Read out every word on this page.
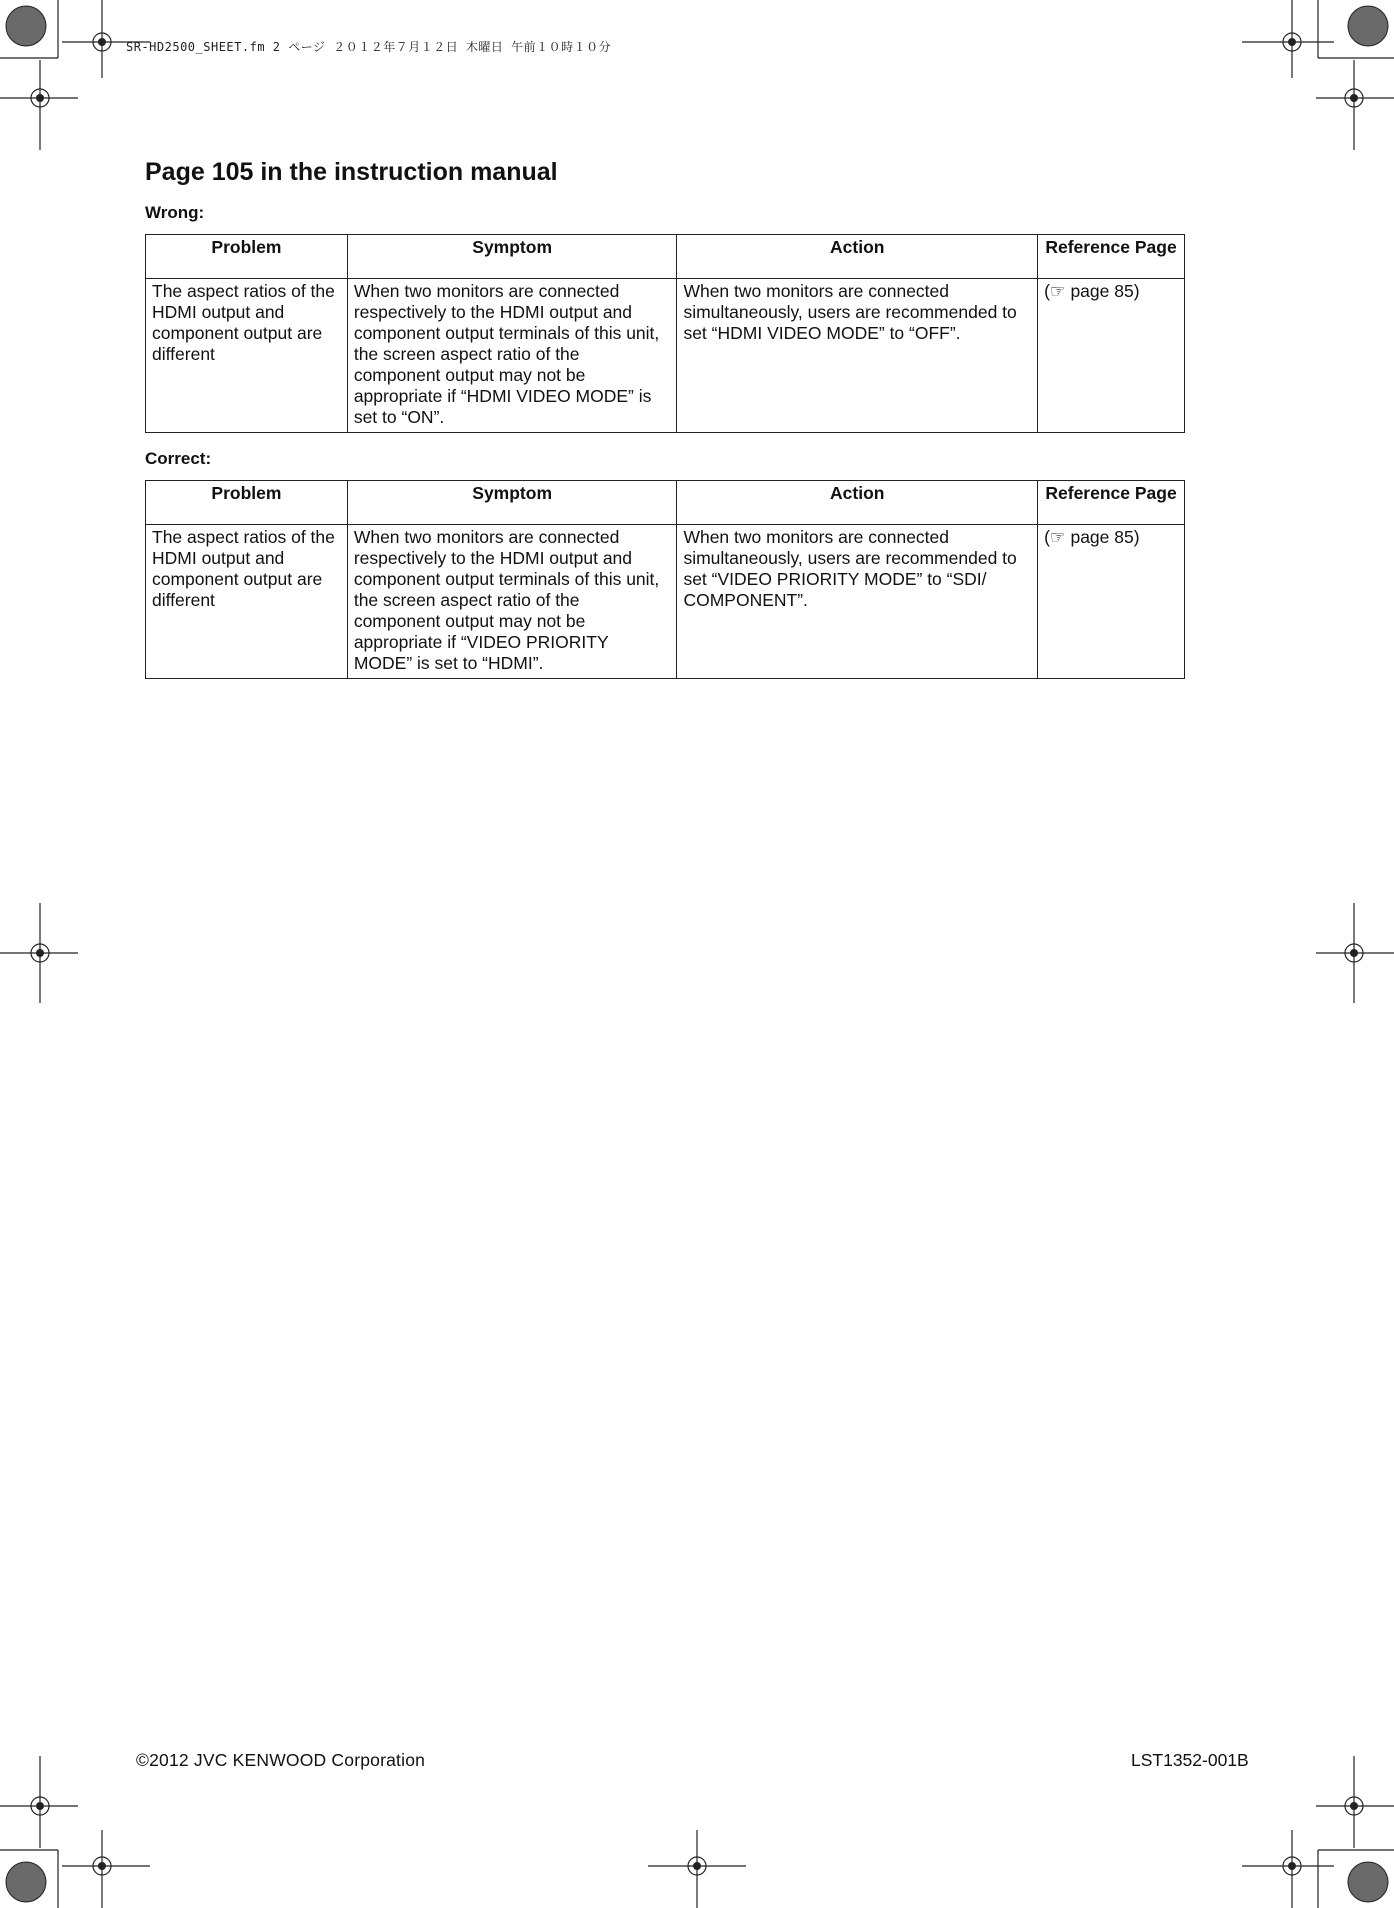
SR-HD2500_SHEET.fm 2 ページ ２０１２年７月１２日 木曜日 午前１０時１０分
Page 105 in the instruction manual
Wrong:
Problem	Symptom	Action	Reference Page
The aspect ratios of the HDMI output and component output are different	When two monitors are connected respectively to the HDMI output and component output terminals of this unit, the screen aspect ratio of the component output may not be appropriate if “HDMI VIDEO MODE” is set to “ON”.	When two monitors are connected simultaneously, users are recommended to set “HDMI VIDEO MODE” to “OFF”.	(☞ page 85)
Correct:
Problem	Symptom	Action	Reference Page
The aspect ratios of the HDMI output and component output are different	When two monitors are connected respectively to the HDMI output and component output terminals of this unit, the screen aspect ratio of the component output may not be appropriate if “VIDEO PRIORITY MODE” is set to “HDMI”.	When two monitors are connected simultaneously, users are recommended to set “VIDEO PRIORITY MODE” to “SDI/ COMPONENT”.	(☞ page 85)
©2012 JVC KENWOOD Corporation	LST1352-001B
